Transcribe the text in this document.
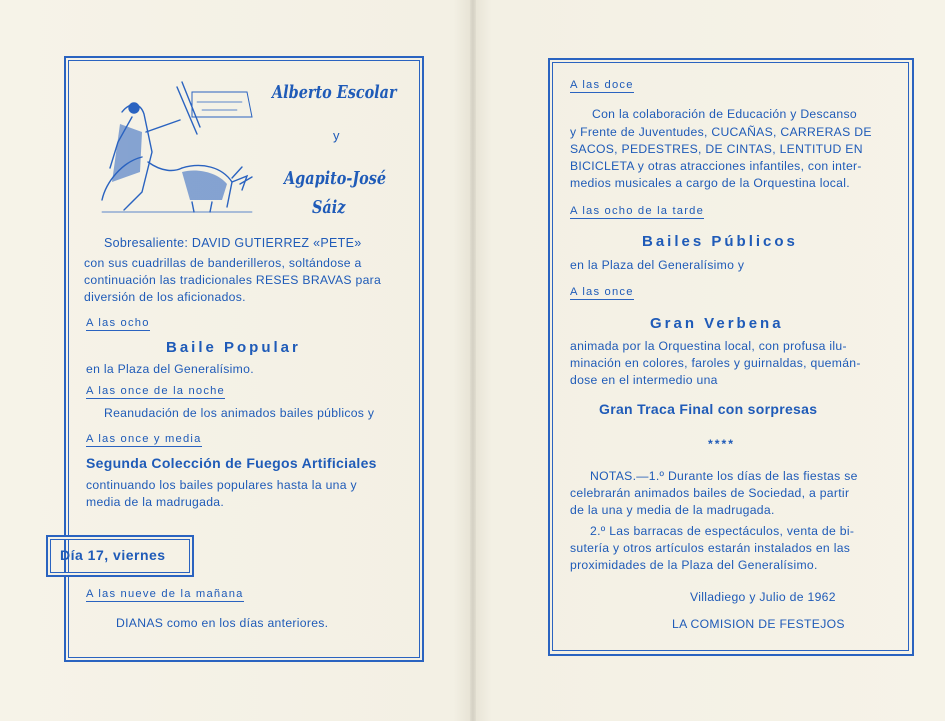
Alberto Escolar
y
Agapito-José
Sáiz
Sobresaliente: DAVID GUTIERREZ «PETE»
con sus cuadrillas de banderilleros, soltándose a
continuación las tradicionales RESES BRAVAS para
diversión de los aficionados.
A las ocho
Baile Popular
en la Plaza del Generalísimo.
A las once de la noche
Reanudación de los animados bailes públicos y
A las once y media
Segunda Colección de Fuegos Artificiales
continuando los bailes populares hasta la una y
media de la madrugada.
Día 17, viernes
A las nueve de la mañana
DIANAS como en los días anteriores.
A las doce
Con la colaboración de Educación y Descanso
y Frente de Juventudes, CUCAÑAS, CARRERAS DE
SACOS, PEDESTRES, DE CINTAS, LENTITUD EN
BICICLETA y otras atracciones infantiles, con inter-
medios musicales a cargo de la Orquestina local.
A las ocho de la tarde
Bailes Públicos
en la Plaza del Generalísimo y
A las once
Gran Verbena
animada por la Orquestina local, con profusa ilu-
minación en colores, faroles y guirnaldas, quemán-
dose en el intermedio una
Gran Traca Final con sorpresas
****
NOTAS.—1.º Durante los días de las fiestas se
celebrarán animados bailes de Sociedad, a partir
de la una y media de la madrugada.
2.º Las barracas de espectáculos, venta de bi-
sutería y otros artículos estarán instalados en las
proximidades de la Plaza del Generalísimo.
Villadiego y Julio de 1962
LA COMISION DE FESTEJOS
